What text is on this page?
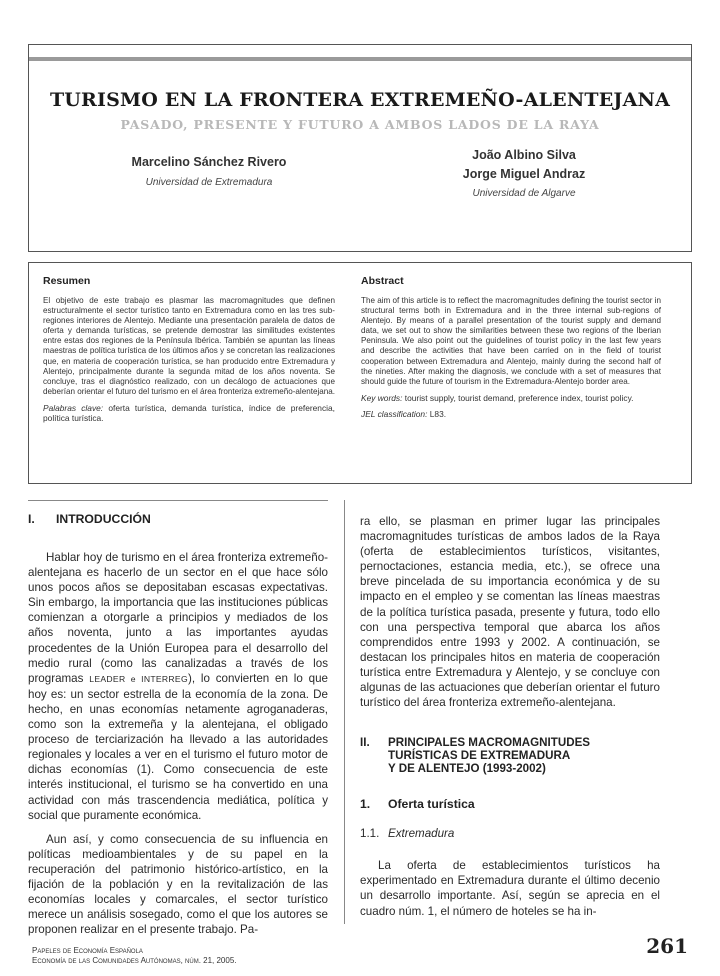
TURISMO EN LA FRONTERA EXTREMEÑO-ALENTEJANA
PASADO, PRESENTE Y FUTURO A AMBOS LADOS DE LA RAYA
Marcelino Sánchez Rivero
Universidad de Extremadura
João Albino Silva
Jorge Miguel Andraz
Universidad de Algarve
Resumen

El objetivo de este trabajo es plasmar las macromagnitudes que definen estructuralmente el sector turístico tanto en Extremadura como en las tres sub-regiones interiores de Alentejo. Mediante una presentación paralela de datos de oferta y demanda turísticas, se pretende demostrar las similitudes existentes entre estas dos regiones de la Península Ibérica. También se apuntan las líneas maestras de política turística de los últimos años y se concretan las realizaciones que, en materia de cooperación turística, se han producido entre Extremadura y Alentejo, principalmente durante la segunda mitad de los años noventa. Se concluye, tras el diagnóstico realizado, con un decálogo de actuaciones que deberían orientar el futuro del turismo en el área fronteriza extremeño-alentejana.

Palabras clave: oferta turística, demanda turística, índice de preferencia, política turística.

Abstract

The aim of this article is to reflect the macromagnitudes defining the tourist sector in structural terms both in Extremadura and in the three internal sub-regions of Alentejo. By means of a parallel presentation of the tourist supply and demand data, we set out to show the similarities between these two regions of the Iberian Peninsula. We also point out the guidelines of tourist policy in the last few years and describe the activities that have been carried on in the field of tourist cooperation between Extremadura and Alentejo, mainly during the second half of the nineties. After making the diagnosis, we conclude with a set of measures that should guide the future of tourism in the Extremadura-Alentejo border area.

Key words: tourist supply, tourist demand, preference index, tourist policy.

JEL classification: L83.

I. INTRODUCCIÓN

Hablar hoy de turismo en el área fronteriza extremeño-alentejana es hacerlo de un sector en el que hace sólo unos pocos años se depositaban escasas expectativas. Sin embargo, la importancia que las instituciones públicas comienzan a otorgarle a principios y mediados de los años noventa, junto a las importantes ayudas procedentes de la Unión Europea para el desarrollo del medio rural (como las canalizadas a través de los programas LEADER e INTERREG), lo convierten en lo que hoy es: un sector estrella de la economía de la zona. De hecho, en unas economías netamente agroganaderas, como son la extremeña y la alentejana, el obligado proceso de terciarización ha llevado a las autoridades regionales y locales a ver en el turismo el futuro motor de dichas economías (1). Como consecuencia de este interés institucional, el turismo se ha convertido en una actividad con más trascendencia mediática, política y social que puramente económica.

Aun así, y como consecuencia de su influencia en políticas medioambientales y de su papel en la recuperación del patrimonio histórico-artístico, en la fijación de la población y en la revitalización de las economías locales y comarcales, el sector turístico merece un análisis sosegado, como el que los autores se proponen realizar en el presente trabajo. Pa-

ra ello, se plasman en primer lugar las principales macromagnitudes turísticas de ambos lados de la Raya (oferta de establecimientos turísticos, visitantes, pernoctaciones, estancia media, etc.), se ofrece una breve pincelada de su importancia económica y de su impacto en el empleo y se comentan las líneas maestras de la política turística pasada, presente y futura, todo ello con una perspectiva temporal que abarca los años comprendidos entre 1993 y 2002. A continuación, se destacan los principales hitos en materia de cooperación turística entre Extremadura y Alentejo, y se concluye con algunas de las actuaciones que deberían orientar el futuro turístico del área fronteriza extremeño-alentejana.

II. PRINCIPALES MACROMAGNITUDES

TURÍSTICAS DE EXTREMADURA

Y DE ALENTEJO (1993-2002)

1. Oferta turística

1.1. Extremadura

La oferta de establecimientos turísticos ha experimentado en Extremadura durante el último decenio un desarrollo importante. Así, según se aprecia en el cuadro núm. 1, el número de hoteles se ha in-

Papeles de Economía Española
Economía de las Comunidades Autónomas, núm. 21, 2005.
261
